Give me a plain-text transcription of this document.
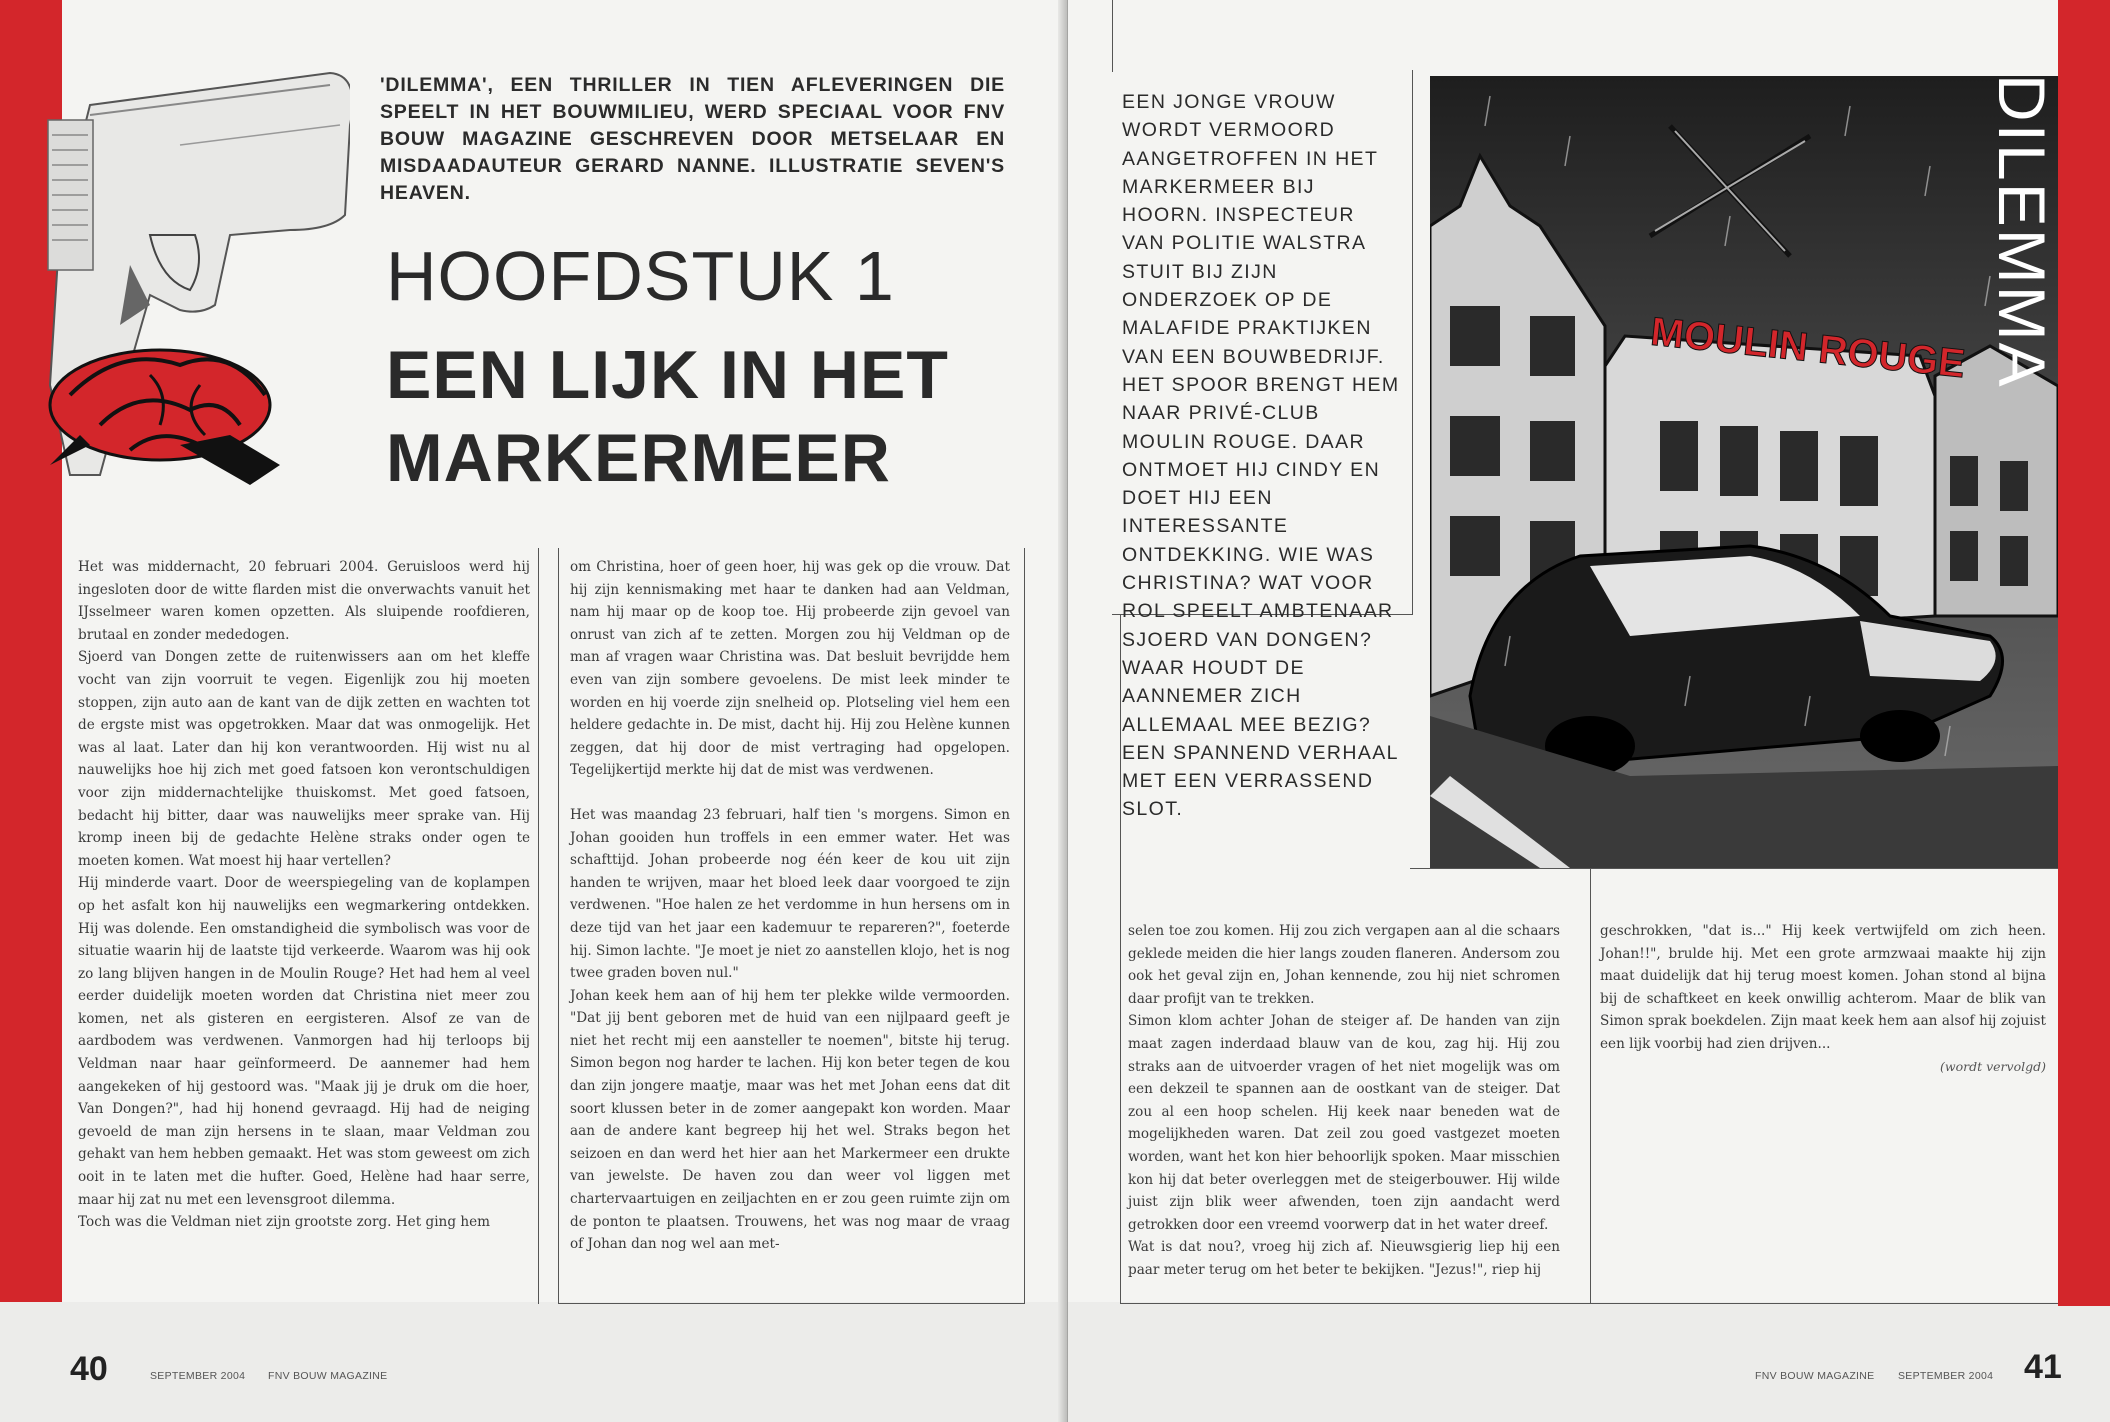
'DILEMMA', EEN THRILLER IN TIEN AFLEVERINGEN DIE SPEELT IN HET BOUWMILIEU, WERD SPECIAAL VOOR FNV BOUW MAGAZINE GESCHREVEN DOOR METSELAAR EN MISDAADAUTEUR GERARD NANNE. ILLUSTRATIE SEVEN'S HEAVEN.
HOOFDSTUK 1
EEN LIJK IN HET MARKERMEER

Het was middernacht, 20 februari 2004. Geruisloos werd hij ingesloten door de witte flarden mist die onverwachts vanuit het IJsselmeer waren komen opzetten. Als sluipende roofdieren, brutaal en zonder mededogen.

Sjoerd van Dongen zette de ruitenwissers aan om het kleffe vocht van zijn voorruit te vegen. Eigenlijk zou hij moeten stoppen, zijn auto aan de kant van de dijk zetten en wachten tot de ergste mist was opgetrokken. Maar dat was onmogelijk. Het was al laat. Later dan hij kon verantwoorden. Hij wist nu al nauwelijks hoe hij zich met goed fatsoen kon verontschuldigen voor zijn middernachtelijke thuiskomst. Met goed fatsoen, bedacht hij bitter, daar was nauwelijks meer sprake van. Hij kromp ineen bij de gedachte Helène straks onder ogen te moeten komen. Wat moest hij haar vertellen?

Hij minderde vaart. Door de weerspiegeling van de koplampen op het asfalt kon hij nauwelijks een wegmarkering ontdekken. Hij was dolende. Een omstandigheid die symbolisch was voor de situatie waarin hij de laatste tijd verkeerde. Waarom was hij ook zo lang blijven hangen in de Moulin Rouge? Het had hem al veel eerder duidelijk moeten worden dat Christina niet meer zou komen, net als gisteren en eergisteren. Alsof ze van de aardbodem was verdwenen. Vanmorgen had hij terloops bij Veldman naar haar geïnformeerd. De aannemer had hem aangekeken of hij gestoord was. "Maak jij je druk om die hoer, Van Dongen?", had hij honend gevraagd. Hij had de neiging gevoeld de man zijn hersens in te slaan, maar Veldman zou gehakt van hem hebben gemaakt. Het was stom geweest om zich ooit in te laten met die hufter. Goed, Helène had haar serre, maar hij zat nu met een levensgroot dilemma.

Toch was die Veldman niet zijn grootste zorg. Het ging hem

om Christina, hoer of geen hoer, hij was gek op die vrouw. Dat hij zijn kennismaking met haar te danken had aan Veldman, nam hij maar op de koop toe. Hij probeerde zijn gevoel van onrust van zich af te zetten. Morgen zou hij Veldman op de man af vragen waar Christina was. Dat besluit bevrijdde hem even van zijn sombere gevoelens. De mist leek minder te worden en hij voerde zijn snelheid op. Plotseling viel hem een heldere gedachte in. De mist, dacht hij. Hij zou Helène kunnen zeggen, dat hij door de mist vertraging had opgelopen. Tegelijkertijd merkte hij dat de mist was verdwenen.

Het was maandag 23 februari, half tien 's morgens. Simon en Johan gooiden hun troffels in een emmer water. Het was schafttijd. Johan probeerde nog één keer de kou uit zijn handen te wrijven, maar het bloed leek daar voorgoed te zijn verdwenen. "Hoe halen ze het verdomme in hun hersens om in deze tijd van het jaar een kademuur te repareren?", foeterde hij. Simon lachte. "Je moet je niet zo aanstellen klojo, het is nog twee graden boven nul."

Johan keek hem aan of hij hem ter plekke wilde vermoorden. "Dat jij bent geboren met de huid van een nijlpaard geeft je niet het recht mij een aansteller te noemen", bitste hij terug. Simon begon nog harder te lachen. Hij kon beter tegen de kou dan zijn jongere maatje, maar was het met Johan eens dat dit soort klussen beter in de zomer aangepakt kon worden. Maar aan de andere kant begreep hij het wel. Straks begon het seizoen en dan werd het hier aan het Markermeer een drukte van jewelste. De haven zou dan weer vol liggen met chartervaartuigen en zeiljachten en er zou geen ruimte zijn om de ponton te plaatsen. Trouwens, het was nog maar de vraag of Johan dan nog wel aan met-

40	SEPTEMBER 2004 FNV BOUW MAGAZINE
EEN JONGE VROUW WORDT VERMOORD AANGETROFFEN IN HET MARKERMEER BIJ HOORN. INSPECTEUR VAN POLITIE WALSTRA STUIT BIJ ZIJN ONDERZOEK OP DE MALAFIDE PRAKTIJKEN VAN EEN BOUWBEDRIJF. HET SPOOR BRENGT HEM NAAR PRIVÉ-CLUB MOULIN ROUGE. DAAR ONTMOET HIJ CINDY EN DOET HIJ EEN INTERESSANTE ONTDEKKING. WIE WAS CHRISTINA? WAT VOOR ROL SPEELT AMBTENAAR SJOERD VAN DONGEN? WAAR HOUDT DE AANNEMER ZICH ALLEMAAL MEE BEZIG? EEN SPANNEND VERHAAL MET EEN VERRASSEND SLOT.
MOULIN ROUGE DILEMMA

selen toe zou komen. Hij zou zich vergapen aan al die schaars geklede meiden die hier langs zouden flaneren. Andersom zou ook het geval zijn en, Johan kennende, zou hij niet schromen daar profijt van te trekken.

Simon klom achter Johan de steiger af. De handen van zijn maat zagen inderdaad blauw van de kou, zag hij. Hij zou straks aan de uitvoerder vragen of het niet mogelijk was om een dekzeil te spannen aan de oostkant van de steiger. Dat zou al een hoop schelen. Hij keek naar beneden wat de mogelijkheden waren. Dat zeil zou goed vastgezet moeten worden, want het kon hier behoorlijk spoken. Maar misschien kon hij dat beter overleggen met de steigerbouwer. Hij wilde juist zijn blik weer afwenden, toen zijn aandacht werd getrokken door een vreemd voorwerp dat in het water dreef.

Wat is dat nou?, vroeg hij zich af. Nieuwsgierig liep hij een paar meter terug om het beter te bekijken. "Jezus!", riep hij

geschrokken, "dat is..." Hij keek vertwijfeld om zich heen. Johan!!", brulde hij. Met een grote armzwaai maakte hij zijn maat duidelijk dat hij terug moest komen. Johan stond al bijna bij de schaftkeet en keek onwillig achterom. Maar de blik van Simon sprak boekdelen. Zijn maat keek hem aan alsof hij zojuist een lijk voorbij had zien drijven...

(wordt vervolgd)

FNV BOUW MAGAZINE SEPTEMBER 2004 41
